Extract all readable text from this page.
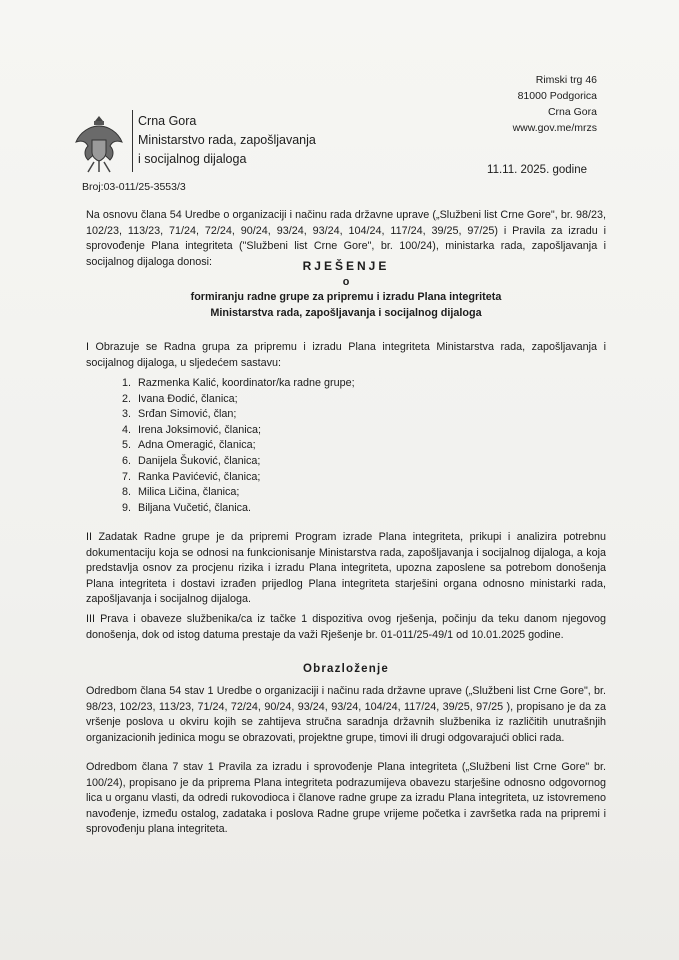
Crna Gora
Ministarstvo rada, zapošljavanja
i socijalnog dijaloga
Rimski trg 46
81000 Podgorica
Crna Gora
www.gov.me/mrzs
11.11. 2025. godine
Broj:03-011/25-3553/3
Na osnovu člana 54 Uredbe o organizaciji i načinu rada državne uprave („Službeni list Crne Gore", br. 98/23, 102/23, 113/23, 71/24, 72/24, 90/24, 93/24, 93/24, 104/24, 117/24, 39/25, 97/25) i Pravila za izradu i sprovođenje Plana integriteta ("Službeni list Crne Gore", br. 100/24), ministarka rada, zapošljavanja i socijalnog dijaloga donosi:	RJEŠENJE
o
formiranju radne grupe za pripremu i izradu Plana integriteta
Ministarstva rada, zapošljavanja i socijalnog dijaloga
I Obrazuje se Radna grupa za pripremu i izradu Plana integriteta Ministarstva rada, zapošljavanja i socijalnog dijaloga, u sljedećem sastavu:
1. Razmenka Kalić, koordinator/ka radne grupe;
2. Ivana Đodić, članica;
3. Srđan Simović, član;
4. Irena Joksimović, članica;
5. Adna Omeragić, članica;
6. Danijela Šuković, članica;
7. Ranka Pavićević, članica;
8. Milica Ličina, članica;
9. Biljana Vučetić, članica.
II Zadatak Radne grupe je da pripremi Program izrade Plana integriteta, prikupi i analizira potrebnu dokumentaciju koja se odnosi na funkcionisanje Ministarstva rada, zapošljavanja i socijalnog dijaloga, a koja predstavlja osnov za procjenu rizika i izradu Plana integriteta, upozna zaposlene sa potrebom donošenja Plana integriteta i dostavi izrađen prijedlog Plana integriteta starješini organa odnosno ministarki rada, zapošljavanja i socijalnog dijaloga.
III Prava i obaveze službenika/ca iz tačke 1 dispozitiva ovog rješenja, počinju da teku danom njegovog donošenja, dok od istog datuma prestaje da važi Rješenje br. 01-011/25-49/1 od 10.01.2025 godine.
Obrazloženje
Odredbom člana 54 stav 1 Uredbe o organizaciji i načinu rada državne uprave („Službeni list Crne Gore", br. 98/23, 102/23, 113/23, 71/24, 72/24, 90/24, 93/24, 93/24, 104/24, 117/24, 39/25, 97/25 ), propisano je da za vršenje poslova u okviru kojih se zahtijeva stručna saradnja državnih službenika iz različitih unutrašnjih organizacionih jedinica mogu se obrazovati, projektne grupe, timovi ili drugi odgovarajući oblici rada.
Odredbom člana 7 stav 1 Pravila za izradu i sprovođenje Plana integriteta („Službeni list Crne Gore" br. 100/24), propisano je da pripremа Plana integriteta podrazumijeva obavezu starješine odnosno odgovornog lica u organu vlasti, da odredi rukovodioca i članove radne grupe za izradu Plana integriteta, uz istovremeno navođenje, između ostalog, zadataka i poslova Radne grupe vrijeme početka i završetka rada na pripremi i sprovođenju plana integriteta.
